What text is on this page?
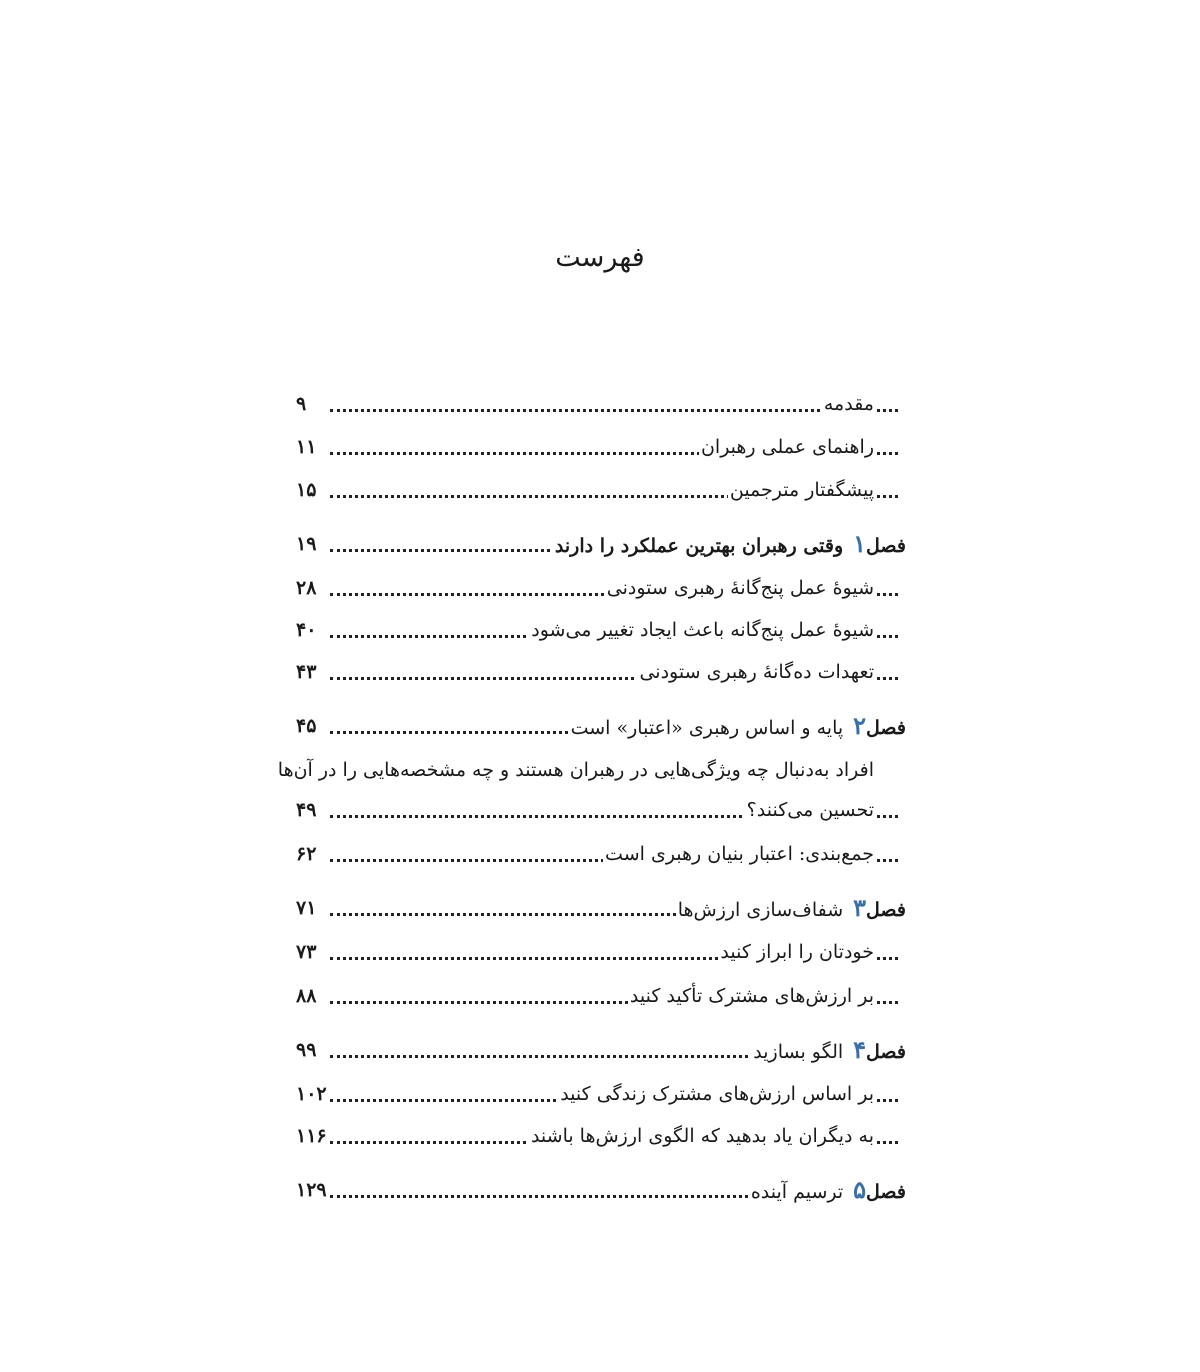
فهرست
مقدمه
۹
راهنمای عملی رهبران
۱۱
پیشگفتار مترجمین
۱۵
فصل۱وقتی رهبران بهترین عملکرد را دارند
۱۹
شیوهٔ عمل پنج‌گانهٔ رهبری ستودنی
۲۸
شیوهٔ عمل پنج‌گانه باعث ایجاد تغییر می‌شود
۴۰
تعهدات ده‌گانهٔ رهبری ستودنی
۴۳
فصل۲پایه و اساس رهبری «اعتبار» است
۴۵
افراد به‌دنبال چه ویژگی‌هایی در رهبران هستند و چه مشخصه‌هایی را در آن‌ها
تحسین می‌کنند؟
۴۹
جمع‌بندی: اعتبار بنیان رهبری است
۶۲
فصل۳شفاف‌سازی ارزش‌ها
۷۱
خودتان را ابراز کنید
۷۳
بر ارزش‌های مشترک تأکید کنید
۸۸
فصل۴الگو بسازید
۹۹
بر اساس ارزش‌های مشترک زندگی کنید
۱۰۲
به دیگران یاد بدهید که الگوی ارزش‌ها باشند
۱۱۶
فصل۵ترسیم آینده
۱۲۹
